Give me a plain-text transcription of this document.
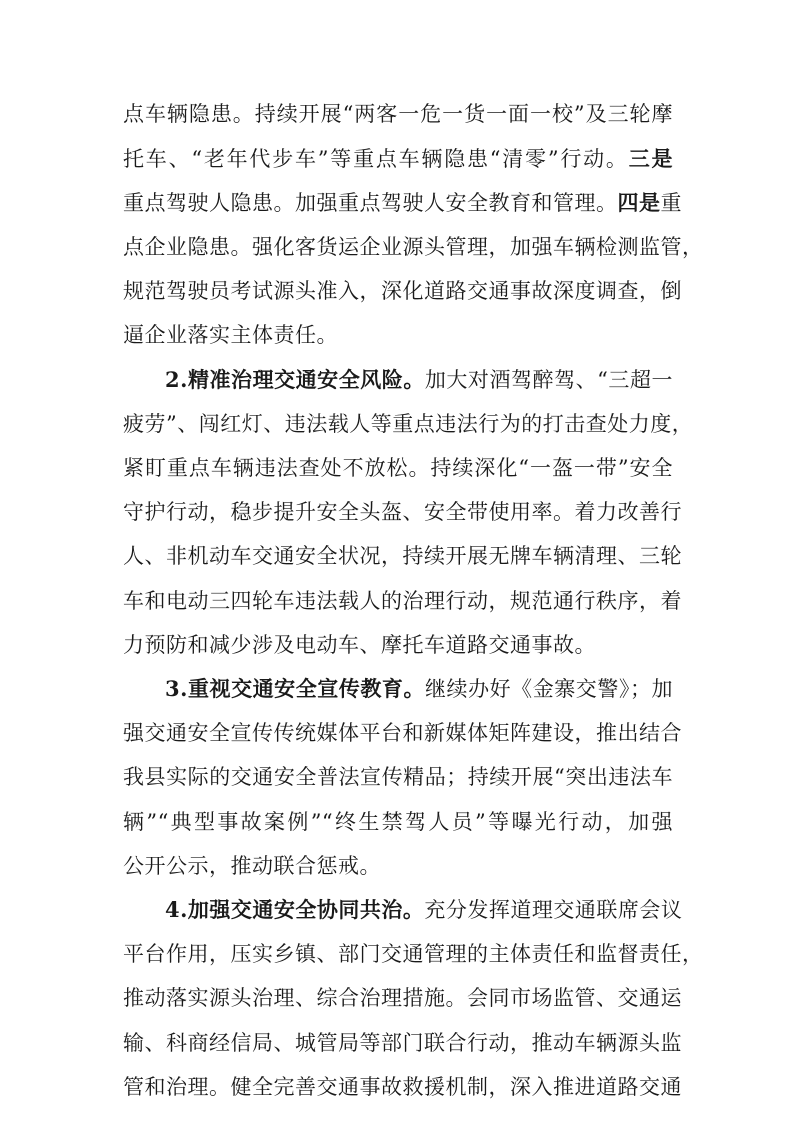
点车辆隐患。持续开展“两客一危一货一面一校”及三轮摩
托车、“老年代步车”等重点车辆隐患“清零”行动。三是
重点驾驶人隐患。加强重点驾驶人安全教育和管理。四是重
点企业隐患。强化客货运企业源头管理，加强车辆检测监管，
规范驾驶员考试源头准入，深化道路交通事故深度调查，倒
逼企业落实主体责任。
2.精准治理交通安全风险。加大对酒驾醉驾、“三超一
疲劳”、闯红灯、违法载人等重点违法行为的打击查处力度，
紧盯重点车辆违法查处不放松。持续深化“一盔一带”安全
守护行动，稳步提升安全头盔、安全带使用率。着力改善行
人、非机动车交通安全状况，持续开展无牌车辆清理、三轮
车和电动三四轮车违法载人的治理行动，规范通行秩序，着
力预防和减少涉及电动车、摩托车道路交通事故。
3.重视交通安全宣传教育。继续办好《金寨交警》；加
强交通安全宣传传统媒体平台和新媒体矩阵建设，推出结合
我县实际的交通安全普法宣传精品；持续开展“突出违法车
辆”“典型事故案例”“终生禁驾人员”等曝光行动，加强
公开公示，推动联合惩戒。
4.加强交通安全协同共治。充分发挥道理交通联席会议
平台作用，压实乡镇、部门交通管理的主体责任和监督责任，
推动落实源头治理、综合治理措施。会同市场监管、交通运
输、科商经信局、城管局等部门联合行动，推动车辆源头监
管和治理。健全完善交通事故救援机制，深入推进道路交通
